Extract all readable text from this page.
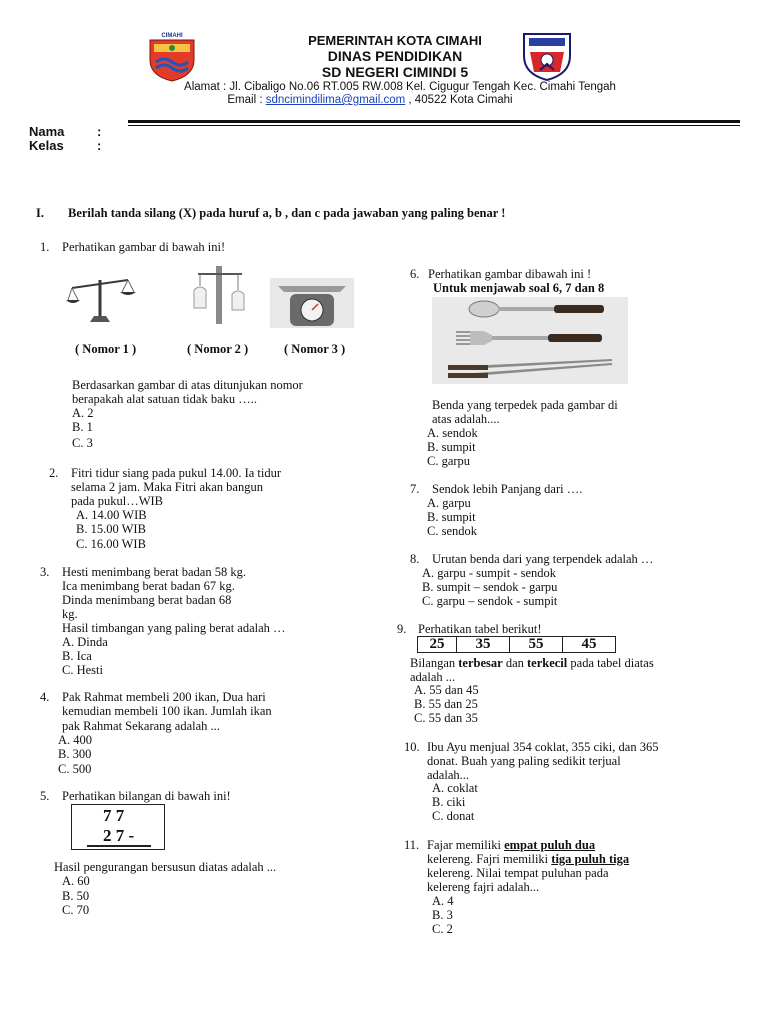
CIMAHI	PEMERINTAH KOTA CIMAHI
DINAS PENDIDIKAN
SD NEGERI CIMINDI 5
Alamat : Jl. Cibaligo No.06 RT.005 RW.008 Kel. Cigugur Tengah Kec. Cimahi Tengah
Email : sdncimindilima@gmail.com , 40522 Kota Cimahi
Nama	:
Kelas	:
I. Berilah tanda silang (X) pada huruf a, b , dan c pada jawaban yang paling benar !
1. Perhatikan gambar di bawah ini!
( Nomor 1 )	( Nomor 2 )	( Nomor 3 )
Berdasarkan gambar di atas ditunjukan nomor
berapakah alat satuan tidak baku …..
A. 2
B. 1
C. 3
2. Fitri tidur siang pada pukul 14.00. Ia tidur
selama 2 jam. Maka Fitri akan bangun
pada pukul…WIB
A. 14.00 WIB
B. 15.00 WIB
C. 16.00 WIB
3. Hesti menimbang berat badan 58 kg.
Ica menimbang berat badan 67 kg.
Dinda menimbang berat badan 68
kg.
Hasil timbangan yang paling berat adalah …
A. Dinda
B. Ica
C. Hesti
4. Pak Rahmat membeli 200 ikan, Dua hari
kemudian membeli 100 ikan. Jumlah ikan
pak Rahmat Sekarang adalah ...
A. 400
B. 300
C. 500
5. Perhatikan bilangan di bawah ini!
7 7
2 7 -
Hasil pengurangan bersusun diatas adalah ...
A. 60
B. 50
C. 70
6. Perhatikan gambar dibawah ini !
Untuk menjawab soal 6, 7 dan 8
Benda yang terpedek pada gambar di
atas adalah....
A. sendok
B. sumpit
C. garpu
7. Sendok lebih Panjang dari ….
A. garpu
B. sumpit
C. sendok
8. Urutan benda dari yang terpendek adalah …
A. garpu - sumpit - sendok
B. sumpit – sendok - garpu
C. garpu – sendok - sumpit
9. Perhatikan tabel berikut!
25	35	55	45
Bilangan terbesar dan terkecil pada tabel diatas
adalah ...
A. 55 dan 45
B. 55 dan 25
C. 55 dan 35
10. Ibu Ayu menjual 354 coklat, 355 ciki, dan 365
donat. Buah yang paling sedikit terjual
adalah...
A. coklat
B. ciki
C. donat
11. Fajar memiliki empat puluh dua
kelereng. Fajri memiliki tiga puluh tiga
kelereng. Nilai tempat puluhan pada
kelereng fajri adalah...
A. 4
B. 3
C. 2
